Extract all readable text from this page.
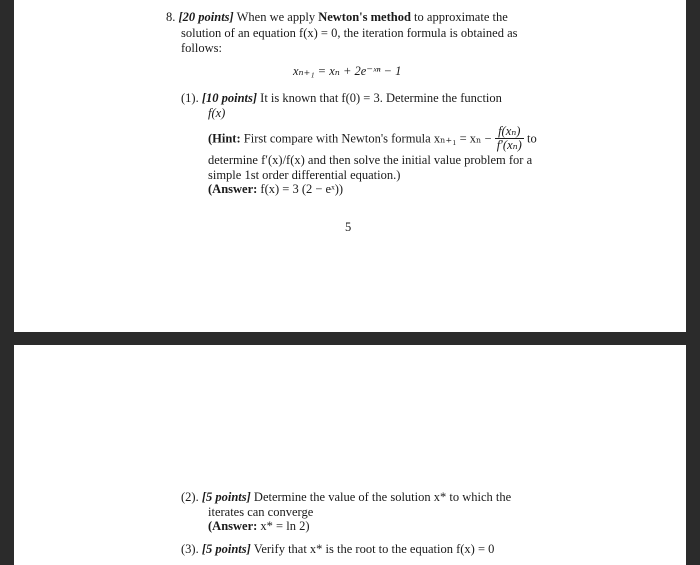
8. [20 points] When we apply Newton's method to approximate the
solution of an equation f(x) = 0, the iteration formula is obtained as
follows:
xₙ₊₁ = xₙ + 2e⁻ˣⁿ − 1
(1). [10 points] It is known that f(0) = 3. Determine the function
f(x)
(Hint: First compare with Newton's formula $x_{n+1} = x_n - \frac{\text{f(xₙ)}}{\text{f′(xₙ)}}$ to
determine f′(x)/f(x) and then solve the initial value problem for a
simple 1st order differential equation.)
(Answer: f(x) = 3 (2 − eˣ))
5
(2). [5 points] Determine the value of the solution x* to which the
iterates can converge
(Answer: x* = ln 2)
(3). [5 points] Verify that x* is the root to the equation f(x) = 0
